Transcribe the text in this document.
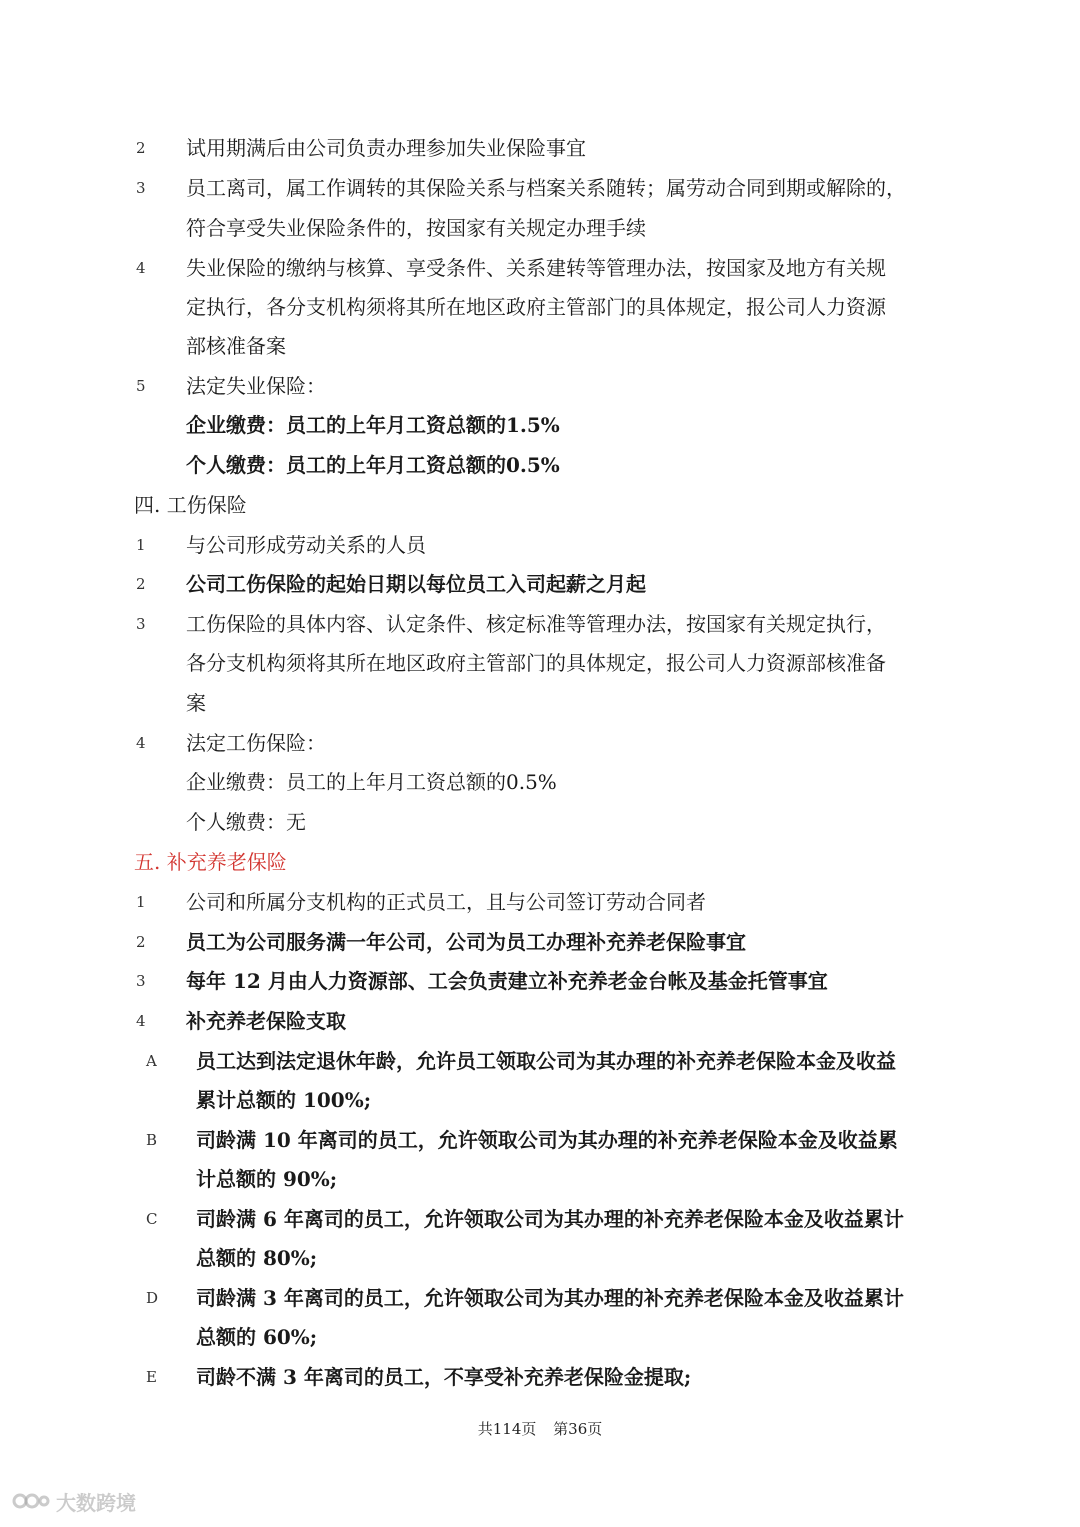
2	试用期满后由公司负责办理参加失业保险事宜
3	员工离司，属工作调转的其保险关系与档案关系随转；属劳动合同到期或解除的，
符合享受失业保险条件的，按国家有关规定办理手续
4	失业保险的缴纳与核算、享受条件、关系建转等管理办法，按国家及地方有关规
定执行，各分支机构须将其所在地区政府主管部门的具体规定，报公司人力资源
部核准备案
5	法定失业保险：
企业缴费：员工的上年月工资总额的1.5%
个人缴费：员工的上年月工资总额的0.5%
1	与公司形成劳动关系的人员
2	公司工伤保险的起始日期以每位员工入司起薪之月起
3	工伤保险的具体内容、认定条件、核定标准等管理办法，按国家有关规定执行，
各分支机构须将其所在地区政府主管部门的具体规定，报公司人力资源部核准备
案
4	法定工伤保险：
企业缴费：员工的上年月工资总额的0.5%
个人缴费：无
1	公司和所属分支机构的正式员工，且与公司签订劳动合同者
2	员工为公司服务满一年公司，公司为员工办理补充养老保险事宜
3	每年 12 月由人力资源部、工会负责建立补充养老金台帐及基金托管事宜
4	补充养老保险支取
四. 工伤保险
五. 补充养老保险
A	员工达到法定退休年龄，允许员工领取公司为其办理的补充养老保险本金及收益
累计总额的 100%;
B	司龄满 10 年离司的员工，允许领取公司为其办理的补充养老保险本金及收益累
计总额的 90%;
C	司龄满 6 年离司的员工，允许领取公司为其办理的补充养老保险本金及收益累计
总额的 80%;
D	司龄满 3 年离司的员工，允许领取公司为其办理的补充养老保险本金及收益累计
总额的 60%;
E	司龄不满 3 年离司的员工，不享受补充养老保险金提取;
共114页 第36页
大数跨境
